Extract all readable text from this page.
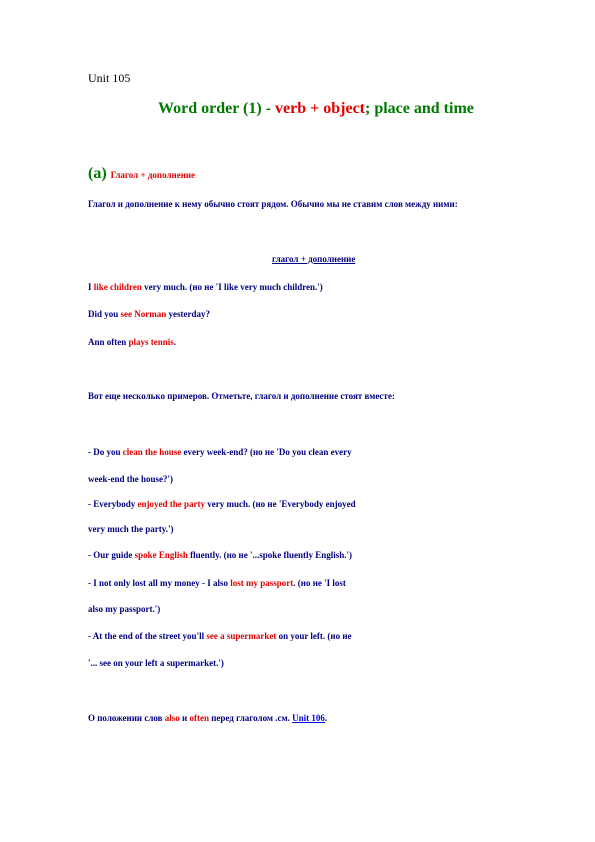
Unit 105
Word order (1) - verb + object; place and time
(a) Глагол + дополнение
Глагол и дополнение к нему обычно стоят рядом. Обычно мы не ставим слов между ними:
глагол + дополнение
I like children very much. (но не 'I like very much children.')
Did you see Norman yesterday?
Ann often plays tennis.
Вот еще несколько примеров. Отметьте, глагол и дополнение стоят вместе:
- Do you clean the house every week-end? (но не 'Do you clean every
week-end the house?')
- Everybody enjoyed the party very much. (но не 'Everybody enjoyed
very much the party.')
- Our guide spoke English fluently. (но не '...spoke fluently English.')
- I not only lost all my money - I also lost my passport. (но не 'I lost
also my passport.')
- At the end of the street you'll see a supermarket on your left. (но не
'... see on your left a supermarket.')
О положении слов also и often перед глаголом .см. Unit 106.
